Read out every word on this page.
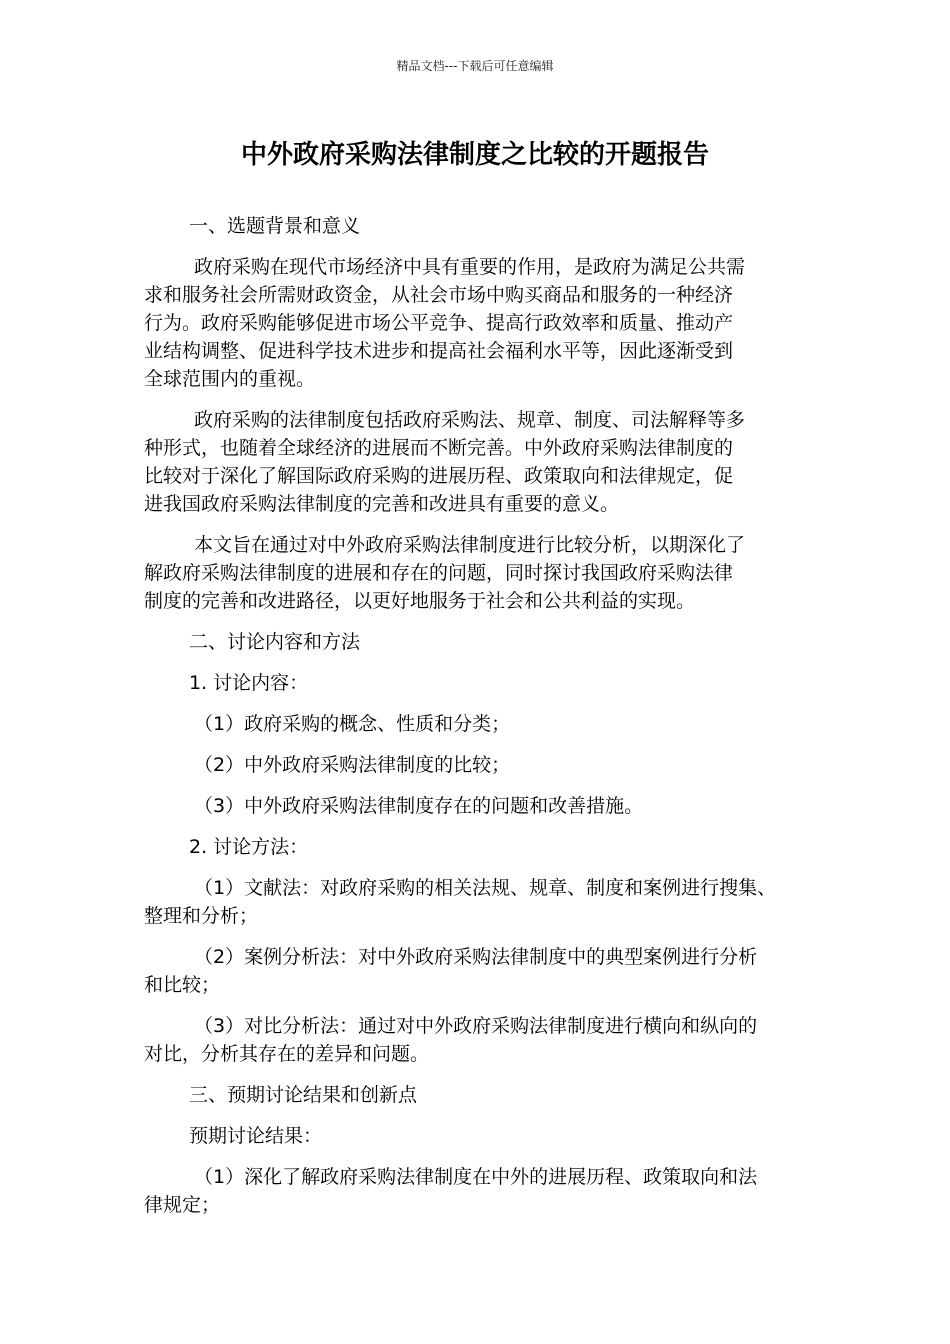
精品文档---下载后可任意编辑
中外政府采购法律制度之比较的开题报告
一、选题背景和意义
政府采购在现代市场经济中具有重要的作用，是政府为满足公共需
求和服务社会所需财政资金，从社会市场中购买商品和服务的一种经济
行为。政府采购能够促进市场公平竞争、提高行政效率和质量、推动产
业结构调整、促进科学技术进步和提高社会福利水平等，因此逐渐受到
全球范围内的重视。
政府采购的法律制度包括政府采购法、规章、制度、司法解释等多
种形式，也随着全球经济的进展而不断完善。中外政府采购法律制度的
比较对于深化了解国际政府采购的进展历程、政策取向和法律规定，促
进我国政府采购法律制度的完善和改进具有重要的意义。
本文旨在通过对中外政府采购法律制度进行比较分析，以期深化了
解政府采购法律制度的进展和存在的问题，同时探讨我国政府采购法律
制度的完善和改进路径，以更好地服务于社会和公共利益的实现。
二、讨论内容和方法
1. 讨论内容：
（1）政府采购的概念、性质和分类；
（2）中外政府采购法律制度的比较；
（3）中外政府采购法律制度存在的问题和改善措施。
2. 讨论方法：
（1）文献法：对政府采购的相关法规、规章、制度和案例进行搜集、
整理和分析；
（2）案例分析法：对中外政府采购法律制度中的典型案例进行分析
和比较；
（3）对比分析法：通过对中外政府采购法律制度进行横向和纵向的
对比，分析其存在的差异和问题。
三、预期讨论结果和创新点
预期讨论结果：
（1）深化了解政府采购法律制度在中外的进展历程、政策取向和法
律规定；
